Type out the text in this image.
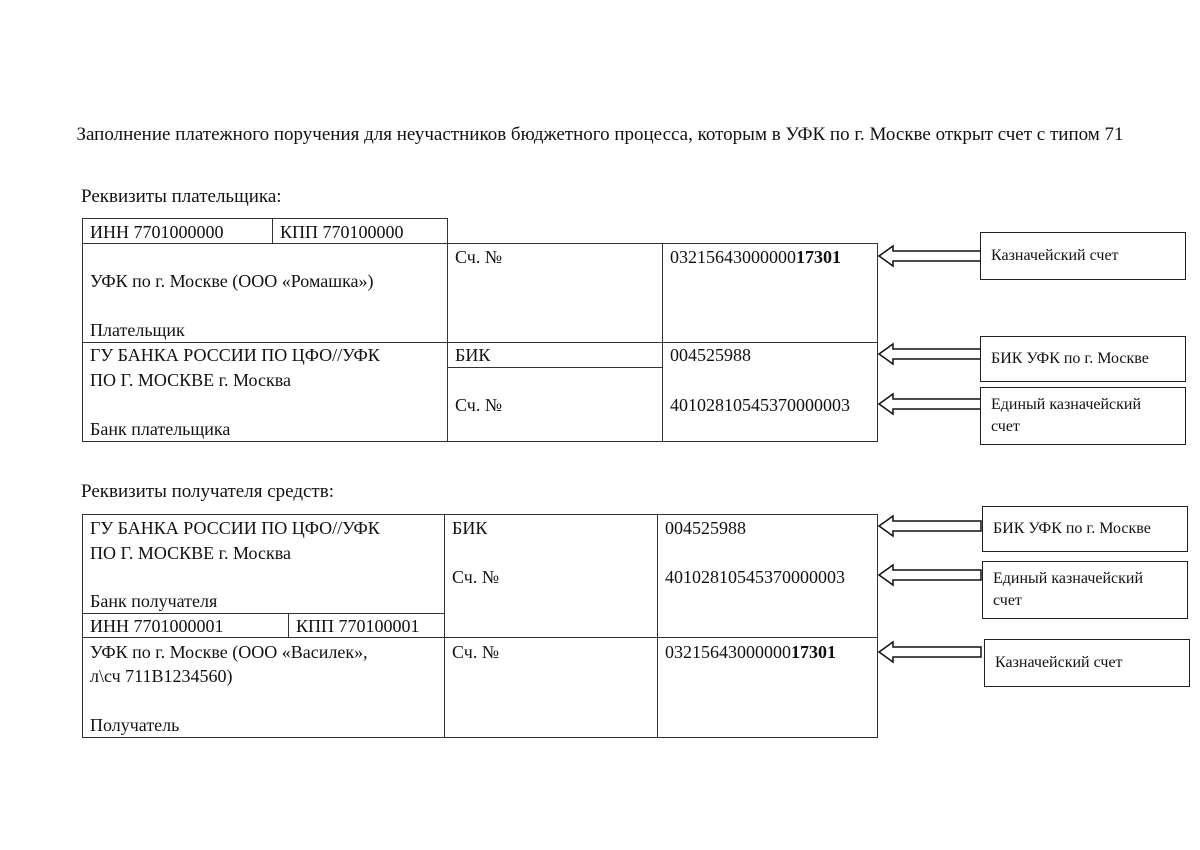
Заполнение платежного поручения для неучастников бюджетного процесса, которым в УФК по г. Москве открыт счет с типом 71
Реквизиты плательщика:
ИНН 7701000000	КПП 770100000
УФК по г. Москве (ООО «Ромашка»)
Плательщик
Сч. №	0321564300000017301
ГУ БАНКА РОССИИ ПО ЦФО//УФК
ПО Г. МОСКВЕ г. Москва
Банк плательщика
БИК	004525988
Сч. №	40102810545370000003
Казначейский счет
БИК УФК по г. Москве
Единый казначейский
счет
Реквизиты получателя средств:
ГУ БАНКА РОССИИ ПО ЦФО//УФК
ПО Г. МОСКВЕ г. Москва
Банк получателя
БИК	004525988
Сч. №	40102810545370000003
ИНН 7701000001	КПП 770100001
УФК по г. Москве (ООО «Василек»,
л\сч 711В1234560)
Получатель
Сч. №	0321564300000017301
БИК УФК по г. Москве
Единый казначейский
счет
Казначейский счет
